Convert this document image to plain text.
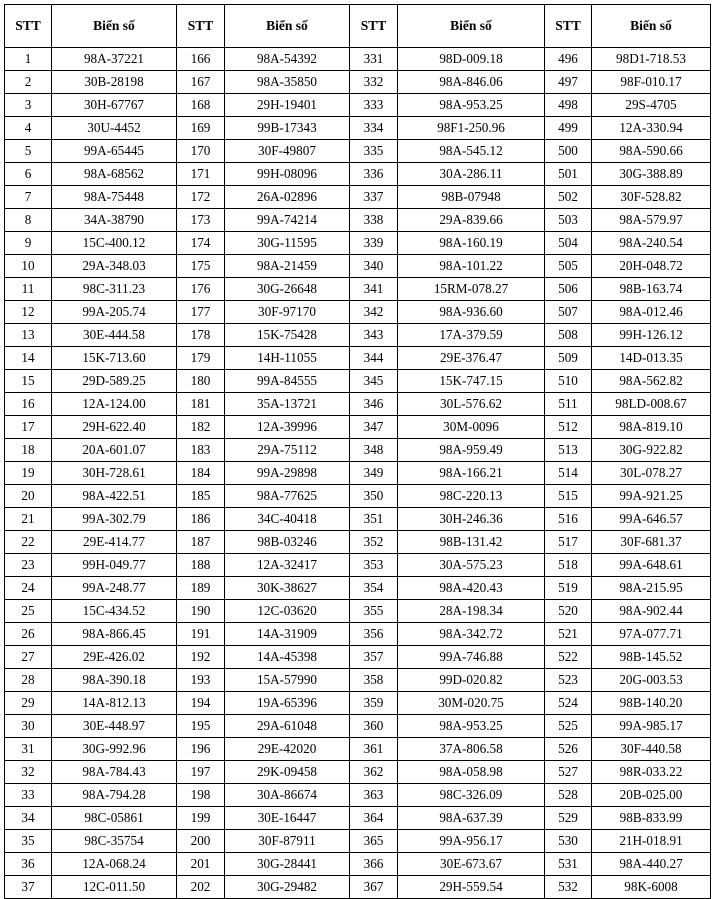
STT	Biển số	STT	Biển số	STT	Biển số	STT	Biển số
1	98A-37221	166	98A-54392	331	98D-009.18	496	98D1-718.53
2	30B-28198	167	98A-35850	332	98A-846.06	497	98F-010.17
3	30H-67767	168	29H-19401	333	98A-953.25	498	29S-4705
4	30U-4452	169	99B-17343	334	98F1-250.96	499	12A-330.94
5	99A-65445	170	30F-49807	335	98A-545.12	500	98A-590.66
6	98A-68562	171	99H-08096	336	30A-286.11	501	30G-388.89
7	98A-75448	172	26A-02896	337	98B-07948	502	30F-528.82
8	34A-38790	173	99A-74214	338	29A-839.66	503	98A-579.97
9	15C-400.12	174	30G-11595	339	98A-160.19	504	98A-240.54
10	29A-348.03	175	98A-21459	340	98A-101.22	505	20H-048.72
11	98C-311.23	176	30G-26648	341	15RM-078.27	506	98B-163.74
12	99A-205.74	177	30F-97170	342	98A-936.60	507	98A-012.46
13	30E-444.58	178	15K-75428	343	17A-379.59	508	99H-126.12
14	15K-713.60	179	14H-11055	344	29E-376.47	509	14D-013.35
15	29D-589.25	180	99A-84555	345	15K-747.15	510	98A-562.82
16	12A-124.00	181	35A-13721	346	30L-576.62	511	98LD-008.67
17	29H-622.40	182	12A-39996	347	30M-0096	512	98A-819.10
18	20A-601.07	183	29A-75112	348	98A-959.49	513	30G-922.82
19	30H-728.61	184	99A-29898	349	98A-166.21	514	30L-078.27
20	98A-422.51	185	98A-77625	350	98C-220.13	515	99A-921.25
21	99A-302.79	186	34C-40418	351	30H-246.36	516	99A-646.57
22	29E-414.77	187	98B-03246	352	98B-131.42	517	30F-681.37
23	99H-049.77	188	12A-32417	353	30A-575.23	518	99A-648.61
24	99A-248.77	189	30K-38627	354	98A-420.43	519	98A-215.95
25	15C-434.52	190	12C-03620	355	28A-198.34	520	98A-902.44
26	98A-866.45	191	14A-31909	356	98A-342.72	521	97A-077.71
27	29E-426.02	192	14A-45398	357	99A-746.88	522	98B-145.52
28	98A-390.18	193	15A-57990	358	99D-020.82	523	20G-003.53
29	14A-812.13	194	19A-65396	359	30M-020.75	524	98B-140.20
30	30E-448.97	195	29A-61048	360	98A-953.25	525	99A-985.17
31	30G-992.96	196	29E-42020	361	37A-806.58	526	30F-440.58
32	98A-784.43	197	29K-09458	362	98A-058.98	527	98R-033.22
33	98A-794.28	198	30A-86674	363	98C-326.09	528	20B-025.00
34	98C-05861	199	30E-16447	364	98A-637.39	529	98B-833.99
35	98C-35754	200	30F-87911	365	99A-956.17	530	21H-018.91
36	12A-068.24	201	30G-28441	366	30E-673.67	531	98A-440.27
37	12C-011.50	202	30G-29482	367	29H-559.54	532	98K-6008
